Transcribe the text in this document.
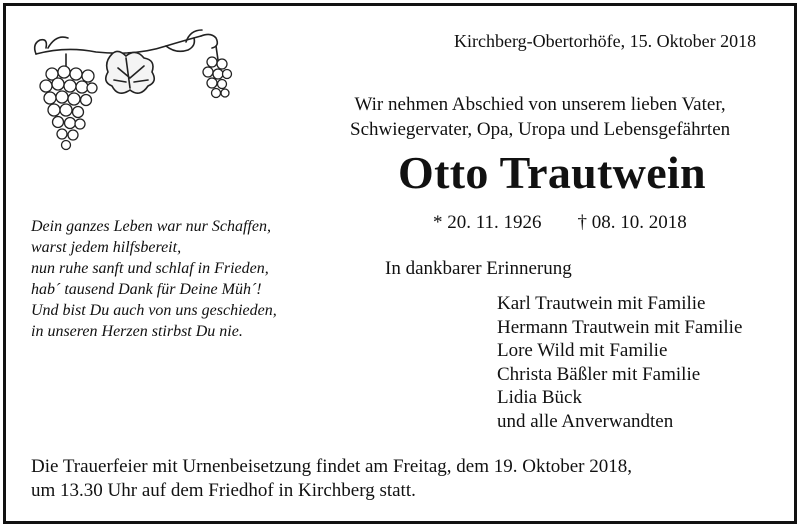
Kirchberg-Obertorhöfe, 15. Oktober 2018
Wir nehmen Abschied von unserem lieben Vater,
Schwiegervater, Opa, Uropa und Lebensgefährten
Otto Trautwein
* 20. 11. 1926 † 08. 10. 2018
Dein ganzes Leben war nur Schaffen,
warst jedem hilfsbereit,
nun ruhe sanft und schlaf in Frieden,
hab´ tausend Dank für Deine Müh´!
Und bist Du auch von uns geschieden,
in unseren Herzen stirbst Du nie.
In dankbarer Erinnerung
Karl Trautwein mit Familie
Hermann Trautwein mit Familie
Lore Wild mit Familie
Christa Bäßler mit Familie
Lidia Bück
und alle Anverwandten
Die Trauerfeier mit Urnenbeisetzung findet am Freitag, dem 19. Oktober 2018,
um 13.30 Uhr auf dem Friedhof in Kirchberg statt.
